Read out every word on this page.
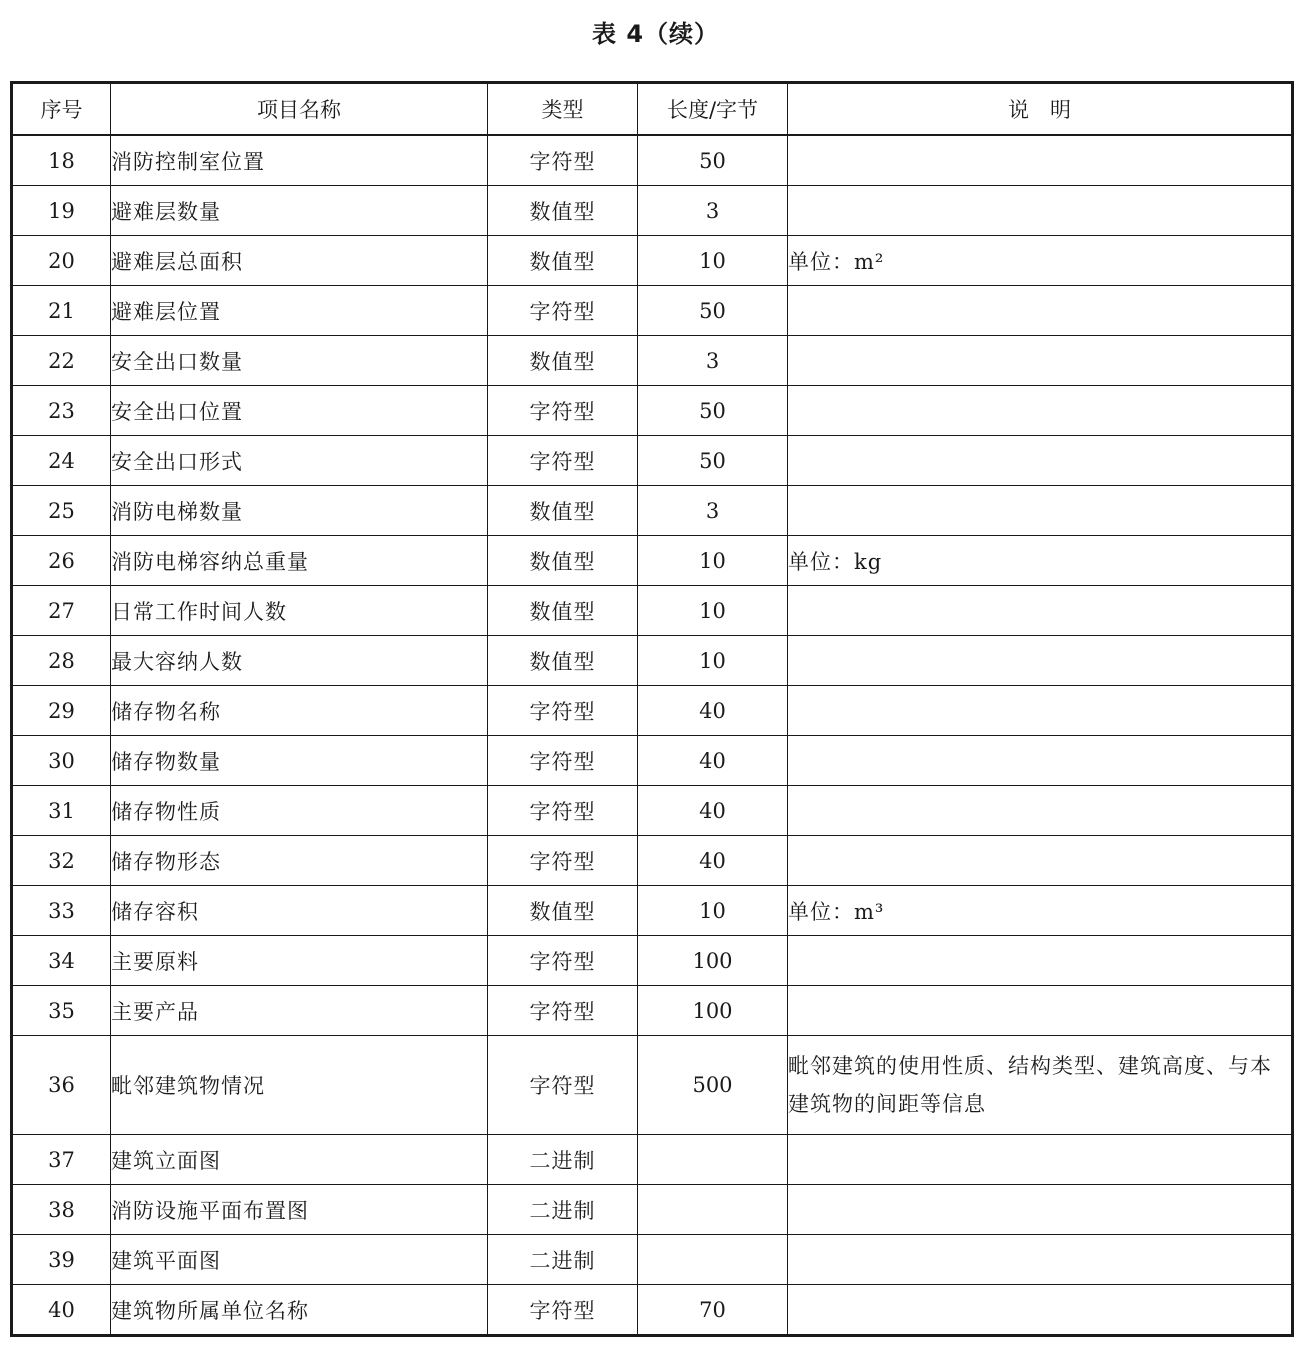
表 4（续）
序号	项目名称	类型	长度/字节	说　明
18	消防控制室位置	字符型	50	
19	避难层数量	数值型	3	
20	避难层总面积	数值型	10	单位：m²
21	避难层位置	字符型	50	
22	安全出口数量	数值型	3	
23	安全出口位置	字符型	50	
24	安全出口形式	字符型	50	
25	消防电梯数量	数值型	3	
26	消防电梯容纳总重量	数值型	10	单位：kg
27	日常工作时间人数	数值型	10	
28	最大容纳人数	数值型	10	
29	储存物名称	字符型	40	
30	储存物数量	字符型	40	
31	储存物性质	字符型	40	
32	储存物形态	字符型	40	
33	储存容积	数值型	10	单位：m³
34	主要原料	字符型	100	
35	主要产品	字符型	100	
36	毗邻建筑物情况	字符型	500	毗邻建筑的使用性质、结构类型、建筑高度、与本建筑物的间距等信息
37	建筑立面图	二进制		
38	消防设施平面布置图	二进制		
39	建筑平面图	二进制		
40	建筑物所属单位名称	字符型	70	
